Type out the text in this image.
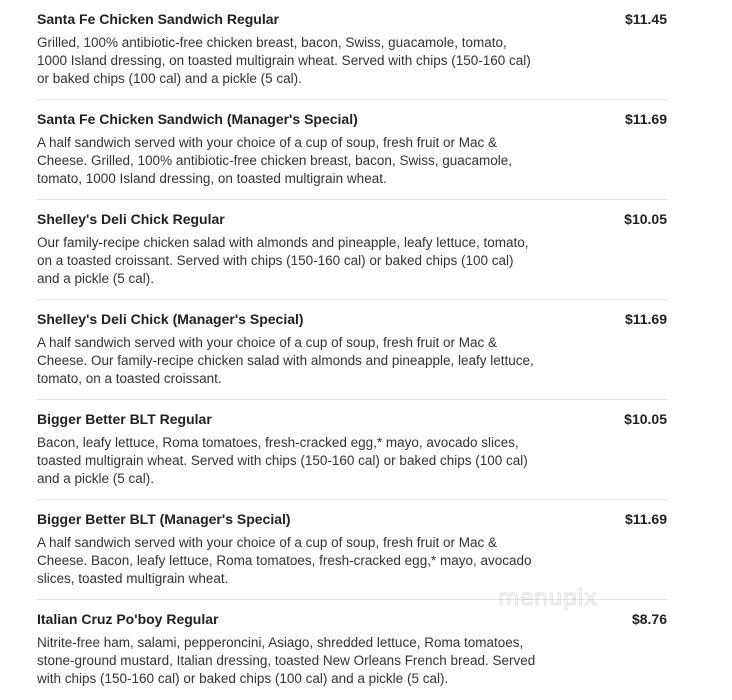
Santa Fe Chicken Sandwich Regular	$11.45

Grilled, 100% antibiotic-free chicken breast, bacon, Swiss, guacamole, tomato, 1000 Island dressing, on toasted multigrain wheat. Served with chips (150-160 cal) or baked chips (100 cal) and a pickle (5 cal).

Santa Fe Chicken Sandwich (Manager's Special)	$11.69

A half sandwich served with your choice of a cup of soup, fresh fruit or Mac & Cheese. Grilled, 100% antibiotic-free chicken breast, bacon, Swiss, guacamole, tomato, 1000 Island dressing, on toasted multigrain wheat.

Shelley's Deli Chick Regular	$10.05

Our family-recipe chicken salad with almonds and pineapple, leafy lettuce, tomato, on a toasted croissant. Served with chips (150-160 cal) or baked chips (100 cal) and a pickle (5 cal).

Shelley's Deli Chick (Manager's Special)	$11.69

A half sandwich served with your choice of a cup of soup, fresh fruit or Mac & Cheese. Our family-recipe chicken salad with almonds and pineapple, leafy lettuce, tomato, on a toasted croissant.

Bigger Better BLT Regular	$10.05

Bacon, leafy lettuce, Roma tomatoes, fresh-cracked egg,* mayo, avocado slices, toasted multigrain wheat. Served with chips (150-160 cal) or baked chips (100 cal) and a pickle (5 cal).

Bigger Better BLT (Manager's Special)	$11.69

A half sandwich served with your choice of a cup of soup, fresh fruit or Mac & Cheese. Bacon, leafy lettuce, Roma tomatoes, fresh-cracked egg,* mayo, avocado slices, toasted multigrain wheat.

Italian Cruz Po'boy Regular	$8.76

Nitrite-free ham, salami, pepperoncini, Asiago, shredded lettuce, Roma tomatoes, stone-ground mustard, Italian dressing, toasted New Orleans French bread. Served with chips (150-160 cal) or baked chips (100 cal) and a pickle (5 cal).

menupix
